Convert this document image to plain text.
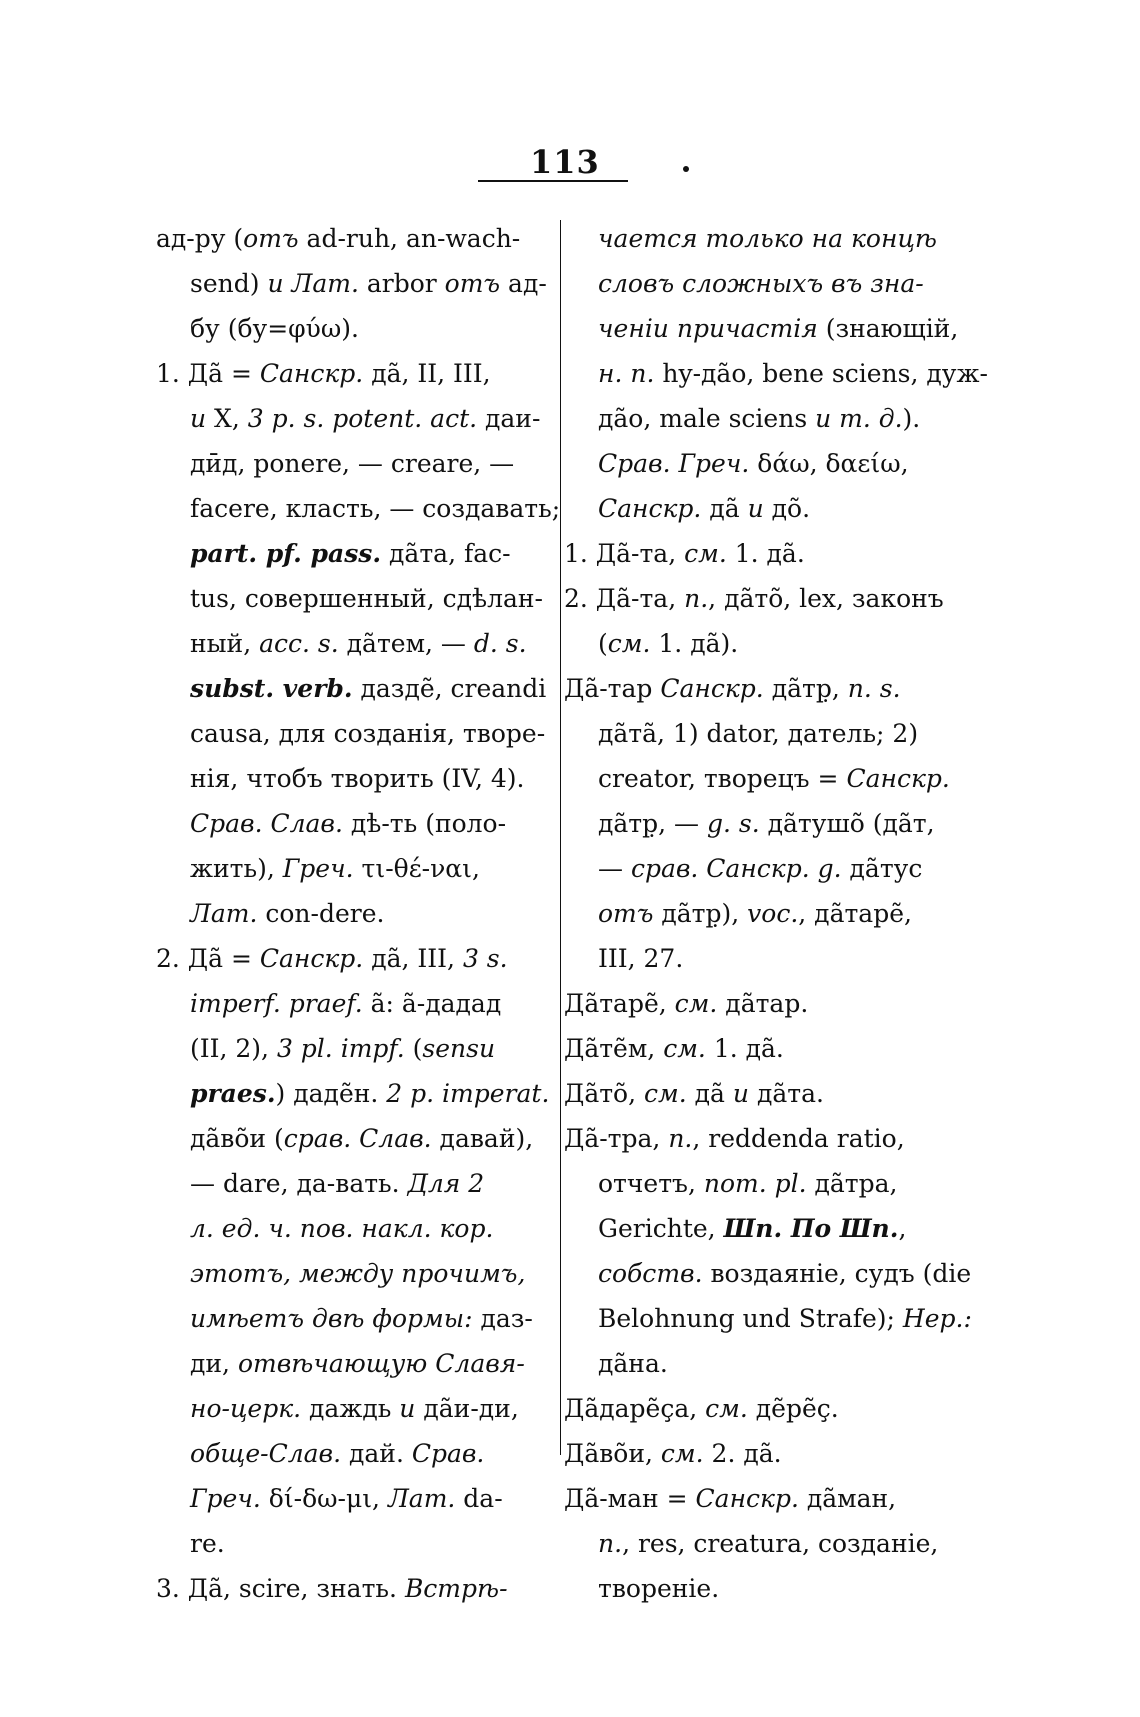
113
ад-ру (отъ ad-ruh, an-wach-
send) и Лат. arbor отъ ад-
бу (бу=φύω).
1. Да̃ = Санскр. да̃, II, III,
и X, 3 p. s. potent. act. даи-
дӣд, ponere, — creare, —
facere, класть, — создавать;
part. pf. pass. да̃та, fac-
tus, совершенный, сдѣлан-
ный, acc. s. да̃тем, — d. s.
subst. verb. дазде̃, creandi
causa, для созданія, творе-
нія, чтобъ творить (IV, 4).
Срав. Слав. дѣ-ть (поло-
жить), Греч. τι-θέ-ναι,
Лат. con-dere.
2. Да̃ = Санскр. да̃, III, 3 s.
imperf. praef. а̃: а̃-дадад
(II, 2), 3 pl. impf. (sensu
praes.) даде̃н. 2 p. imperat.
да̃во̃и (срав. Слав. давай),
— dare, да-вать. Для 2
л. ед. ч. пов. накл. кор.
этотъ, между прочимъ,
имѣетъ двѣ формы: даз-
ди, отвѣчающую Славя-
но-церк. даждь и да̃и-ди,
обще-Слав. дай. Срав.
Греч. δί-δω-μι, Лат. da-
re.
3. Да̃, scire, знать. Встрѣ-
чается только на концѣ
словъ сложныхъ въ зна-
ченіи причастія (знающій,
н. п. hy-да̃о, bene sciens, дуж-
да̃о, male sciens и т. д.).
Срав. Греч. δάω, δαείω,
Санскр. да̃ и до̃.
1. Да̃-та, см. 1. да̃.
2. Да̃-та, n., да̃то̃, lex, законъ
(см. 1. да̃).
Да̃-тар Санскр. да̃тр̣, n. s.
да̃та̃, 1) dator, датель; 2)
creator, творецъ = Санскр.
да̃тр̣, — g. s. да̃тушо̃ (да̃т,
— срав. Санскр. g. да̃тус
отъ да̃тр̣), voc., да̃таре̃,
III, 27.
Да̃таре̃, см. да̃тар.
Да̃те̃м, см. 1. да̃.
Да̃то̃, см. да̃ и да̃та.
Да̃-тра, n., reddenda ratio,
отчетъ, nom. pl. да̃тра,
Gerichte, Шп. По Шп.,
собств. воздаяніе, судъ (die
Belohnung und Strafe); Нер.:
да̃на.
Да̃даре̃ҫа, см. де̃ре̃ҫ.
Да̃во̃и, см. 2. да̃.
Да̃-ман = Санскр. да̃ман,
n., res, creatura, созданіе,
твореніе.
